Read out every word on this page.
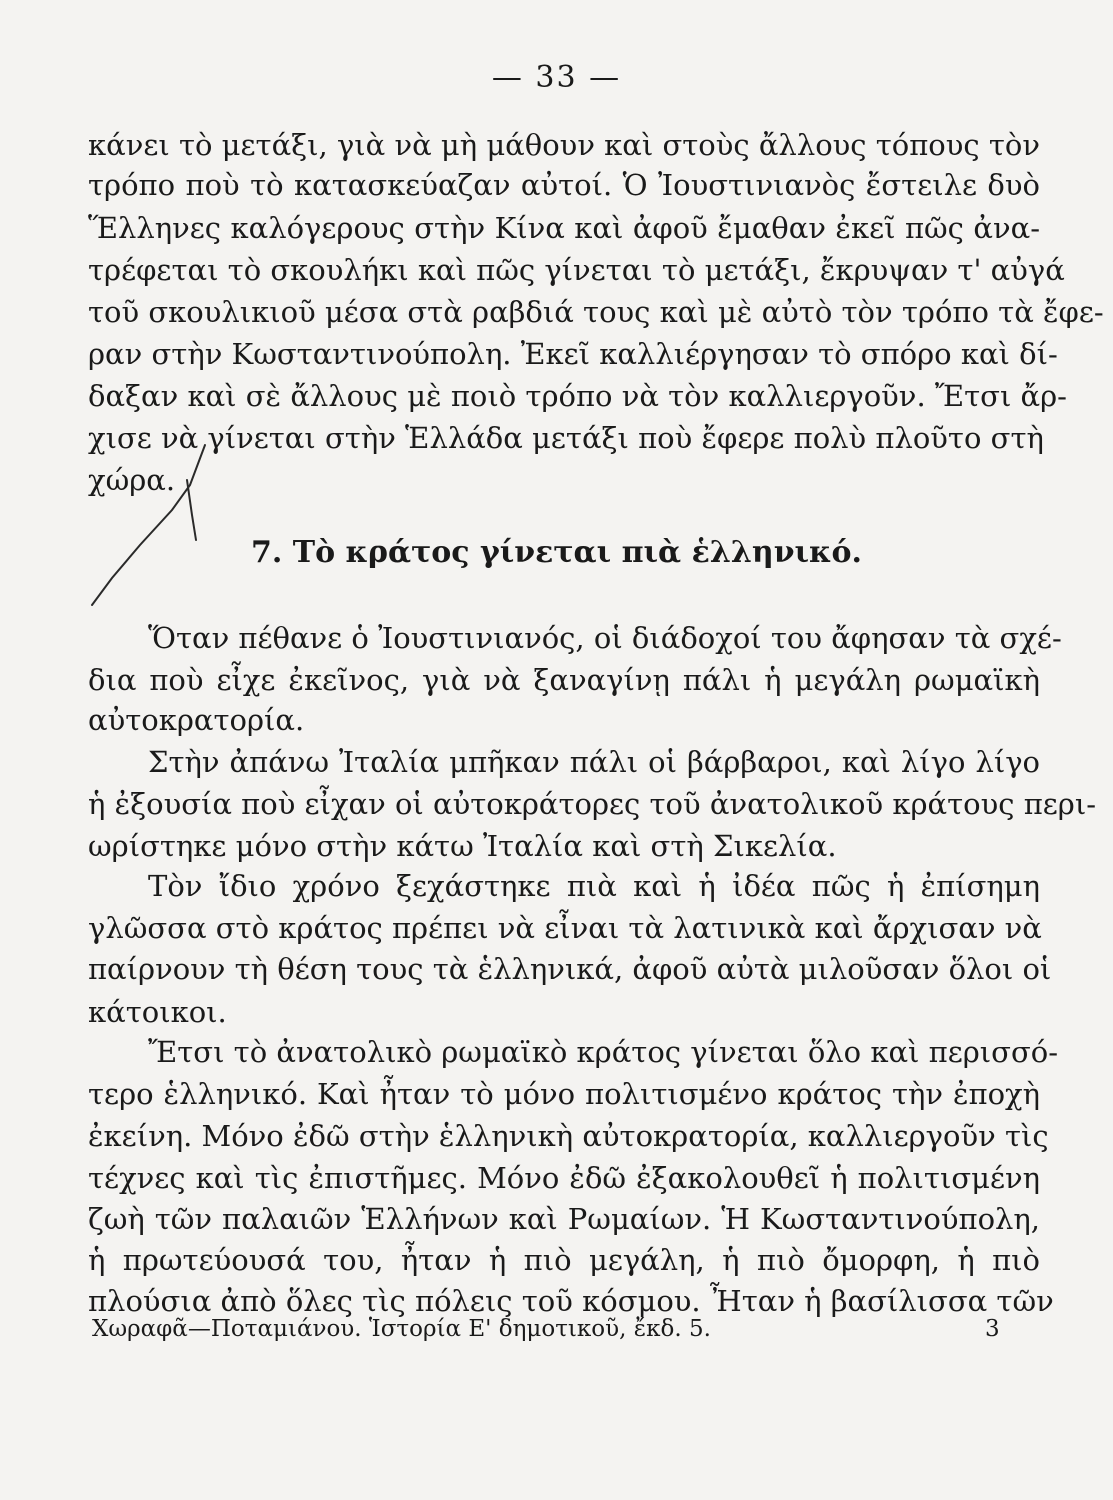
— 33 —
κάνει τὸ μετάξι, γιὰ νὰ μὴ μάθουν καὶ στοὺς ἄλλους τόπους τὸν
τρόπο ποὺ τὸ κατασκεύαζαν αὐτοί. Ὁ Ἰουστινιανὸς ἔστειλε δυὸ
Ἕλληνες καλόγερους στὴν Κίνα καὶ ἀφοῦ ἔμαθαν ἐκεῖ πῶς ἀνα-
τρέφεται τὸ σκουλήκι καὶ πῶς γίνεται τὸ μετάξι, ἔκρυψαν τ' αὐγά
τοῦ σκουλικιοῦ μέσα στὰ ραβδιά τους καὶ μὲ αὐτὸ τὸν τρόπο τὰ ἔφε-
ραν στὴν Κωσταντινούπολη. Ἐκεῖ καλλιέργησαν τὸ σπόρο καὶ δί-
δαξαν καὶ σὲ ἄλλους μὲ ποιὸ τρόπο νὰ τὸν καλλιεργοῦν. Ἔτσι ἄρ-
χισε νὰ γίνεται στὴν Ἑλλάδα μετάξι ποὺ ἔφερε πολὺ πλοῦτο στὴ
χώρα.
7. Τὸ κράτος γίνεται πιὰ ἑλληνικό.
Ὅταν πέθανε ὁ Ἰουστινιανός, οἱ διάδοχοί του ἄφησαν τὰ σχέ-
δια ποὺ εἶχε ἐκεῖνος, γιὰ νὰ ξαναγίνῃ πάλι ἡ μεγάλη ρωμαϊκὴ
αὐτοκρατορία.
Στὴν ἀπάνω Ἰταλία μπῆκαν πάλι οἱ βάρβαροι, καὶ λίγο λίγο
ἡ ἐξουσία ποὺ εἶχαν οἱ αὐτοκράτορες τοῦ ἀνατολικοῦ κράτους περι-
ωρίστηκε μόνο στὴν κάτω Ἰταλία καὶ στὴ Σικελία.
Τὸν ἴδιο χρόνο ξεχάστηκε πιὰ καὶ ἡ ἰδέα πῶς ἡ ἐπίσημη
γλῶσσα στὸ κράτος πρέπει νὰ εἶναι τὰ λατινικὰ καὶ ἄρχισαν νὰ
παίρνουν τὴ θέση τους τὰ ἑλληνικά, ἀφοῦ αὐτὰ μιλοῦσαν ὅλοι οἱ
κάτοικοι.
Ἔτσι τὸ ἀνατολικὸ ρωμαϊκὸ κράτος γίνεται ὅλο καὶ περισσό-
τερο ἑλληνικό. Καὶ ἦταν τὸ μόνο πολιτισμένο κράτος τὴν ἐποχὴ
ἐκείνη. Μόνο ἐδῶ στὴν ἑλληνικὴ αὐτοκρατορία, καλλιεργοῦν τὶς
τέχνες καὶ τὶς ἐπιστῆμες. Μόνο ἐδῶ ἐξακολουθεῖ ἡ πολιτισμένη
ζωὴ τῶν παλαιῶν Ἑλλήνων καὶ Ρωμαίων. Ἡ Κωσταντινούπολη,
ἡ πρωτεύουσά του, ἦταν ἡ πιὸ μεγάλη, ἡ πιὸ ὄμορφη, ἡ πιὸ
πλούσια ἀπὸ ὅλες τὶς πόλεις τοῦ κόσμου. Ἦταν ἡ βασίλισσα τῶν
Χωραφᾶ—Ποταμιάνου. Ἱστορία Ε' δημοτικοῦ, ἔκδ. 5.	3
